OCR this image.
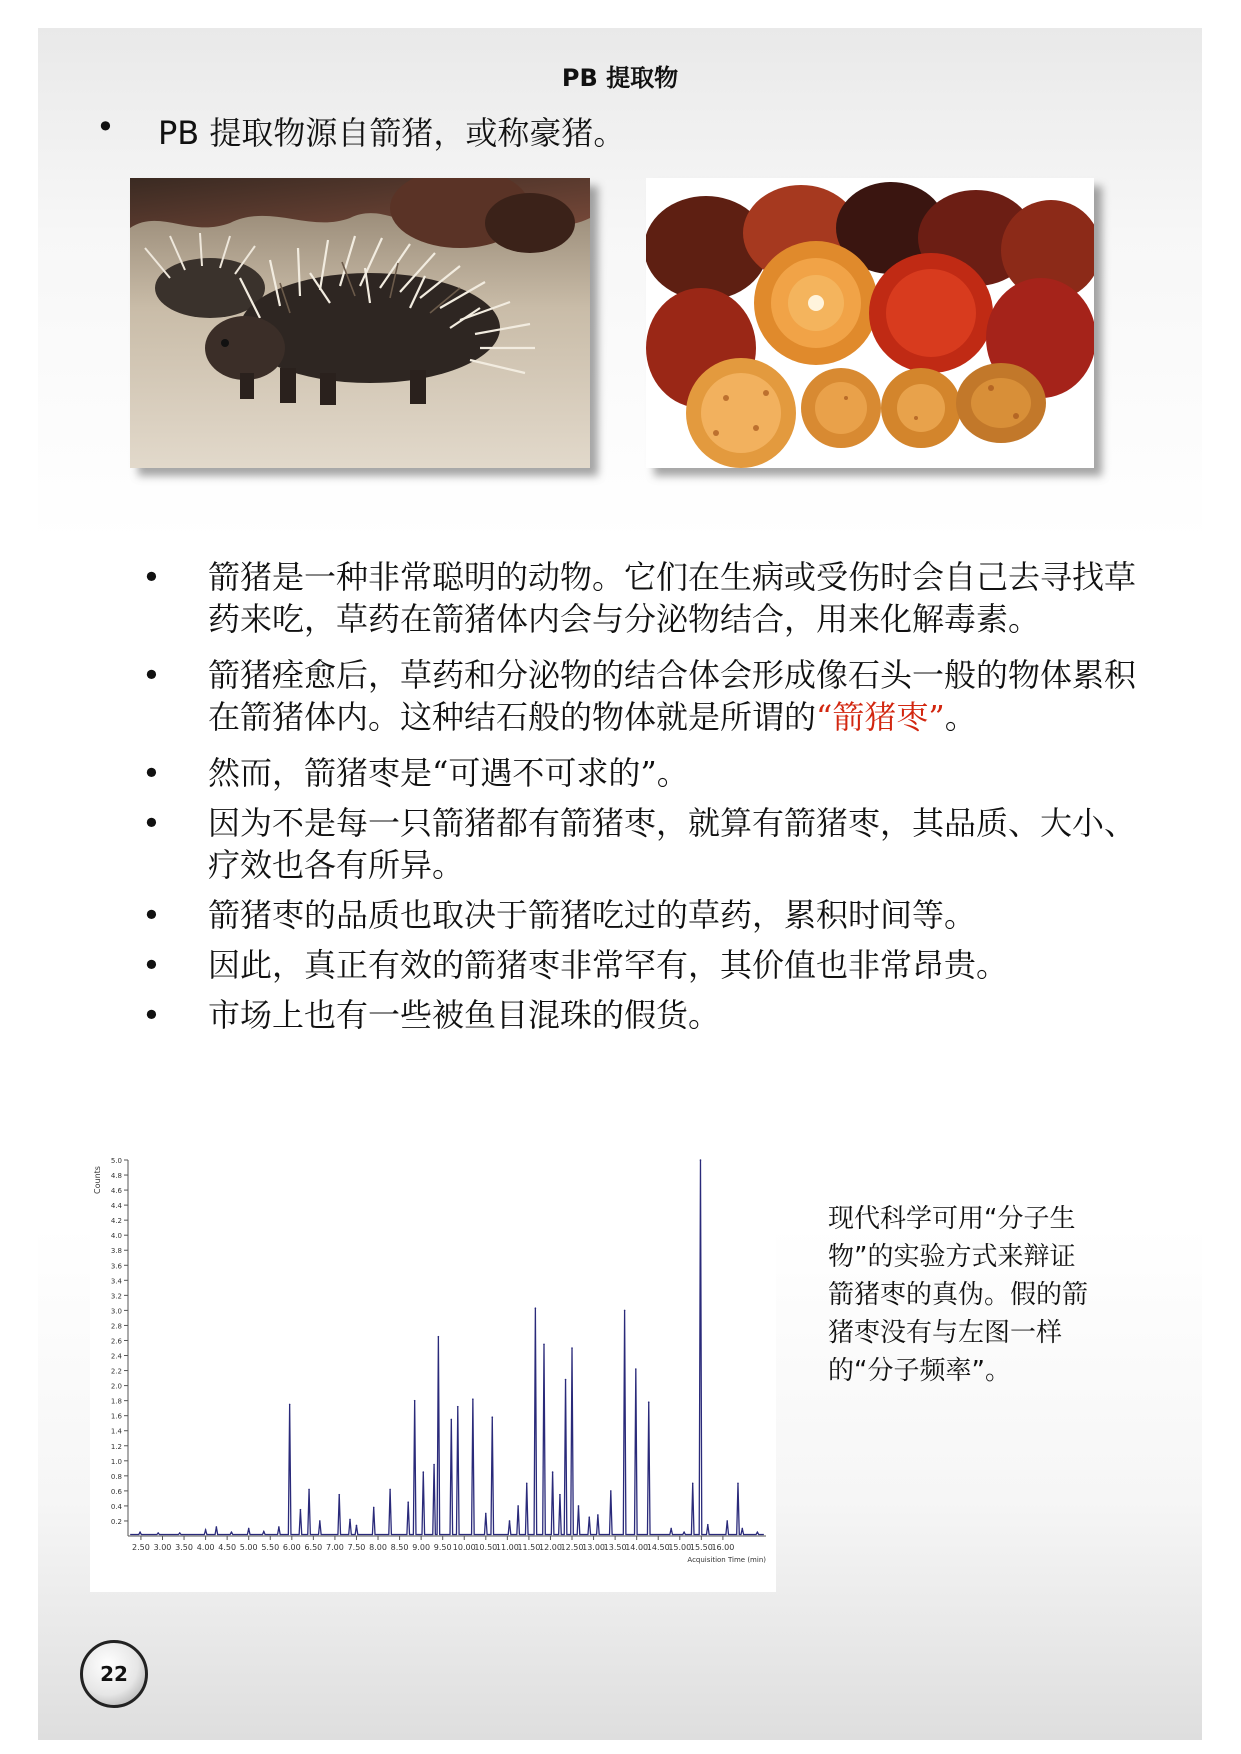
PB 提取物
• PB 提取物源自箭猪，或称豪猪。
• 箭猪是一种非常聪明的动物。它们在生病或受伤时会自己去寻找草药来吃，草药在箭猪体内会与分泌物结合，用来化解毒素。
• 箭猪痊愈后，草药和分泌物的结合体会形成像石头一般的物体累积在箭猪体内。这种结石般的物体就是所谓的“箭猪枣”。
• 然而，箭猪枣是“可遇不可求的”。
• 因为不是每一只箭猪都有箭猪枣，就算有箭猪枣，其品质、大小、疗效也各有所异。
• 箭猪枣的品质也取决于箭猪吃过的草药，累积时间等。
• 因此，真正有效的箭猪枣非常罕有，其价值也非常昂贵。
• 市场上也有一些被鱼目混珠的假货。
0.2
0.4
0.6
0.8
1.0
1.2
1.4
1.6
1.8
2.0
2.2
2.4
2.6
2.8
3.0
3.2
3.4
3.6
3.8
4.0
4.2
4.4
4.6
4.8
5.0
2.50 3.00 3.50 4.00 4.50 5.00 5.50 6.00 6.50 7.00 7.50 8.00 8.50 9.00 9.50 10.00
10.50
11.00
11.50
12.00
12.50
13.00
13.50
14.00
14.50
15.00
15.50
16.00
Counts
Acquisition Time (min)
现代科学可用“分子生物”的实验方式来辩证箭猪枣的真伪。假的箭猪枣没有与左图一样的“分子频率”。
22
